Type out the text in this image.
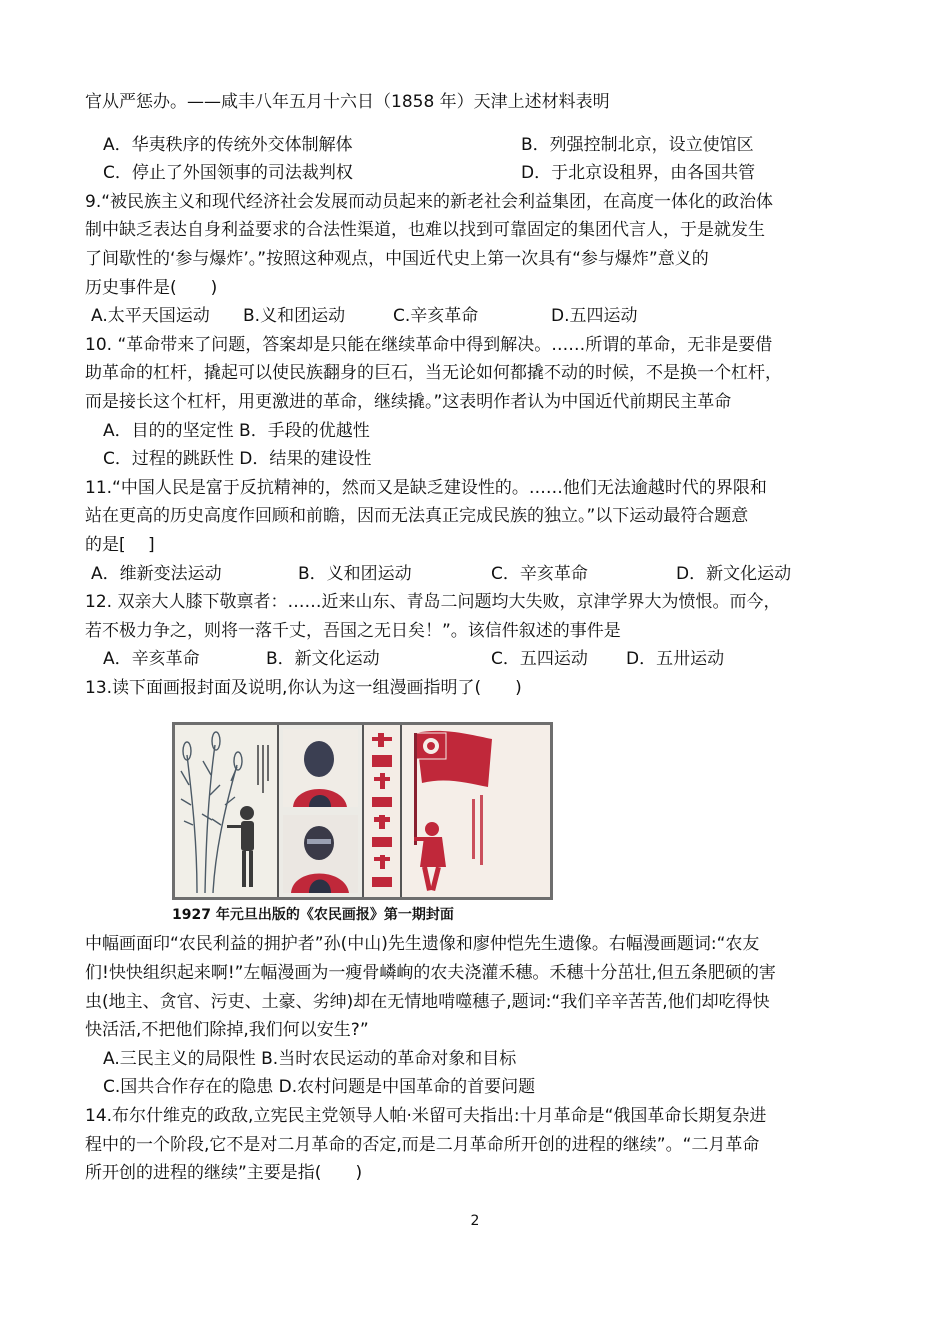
官从严惩办。——咸丰八年五月十六日（1858 年）天津上述材料表明
A．华夷秩序的传统外交体制解体	B．列强控制北京，设立使馆区
C．停止了外国领事的司法裁判权	D．于北京设租界，由各国共管
9.“被民族主义和现代经济社会发展而动员起来的新老社会利益集团，在高度一体化的政治体
制中缺乏表达自身利益要求的合法性渠道，也难以找到可靠固定的集团代言人，于是就发生
了间歇性的‘参与爆炸’。”按照这种观点，中国近代史上第一次具有“参与爆炸”意义的
历史事件是(　　)
A.太平天国运动	B.义和团运动	C.辛亥革命	D.五四运动
10. “革命带来了问题，答案却是只能在继续革命中得到解决。……所谓的革命，无非是要借
助革命的杠杆，撬起可以使民族翻身的巨石，当无论如何都撬不动的时候，不是换一个杠杆，
而是接长这个杠杆，用更激进的革命，继续撬。”这表明作者认为中国近代前期民主革命
A．目的的坚定性 B．手段的优越性
C．过程的跳跃性 D．结果的建设性
11.“中国人民是富于反抗精神的，然而又是缺乏建设性的。……他们无法逾越时代的界限和
站在更高的历史高度作回顾和前瞻，因而无法真正完成民族的独立。”以下运动最符合题意
的是[　 ]
A．维新变法运动	B．义和团运动	C．辛亥革命	D．新文化运动
12. 双亲大人膝下敬禀者：……近来山东、青岛二问题均大失败，京津学界大为愤恨。而今，
若不极力争之，则将一落千丈，吾国之无日矣！”。该信件叙述的事件是
A．辛亥革命	B．新文化运动	C．五四运动	D．五卅运动
13.读下面画报封面及说明,你认为这一组漫画指明了(　　)
1927 年元旦出版的《农民画报》第一期封面
中幅画面印“农民利益的拥护者”孙(中山)先生遗像和廖仲恺先生遗像。右幅漫画题词:“农友
们!快快组织起来啊!”左幅漫画为一瘦骨嶙峋的农夫浇灌禾穗。禾穗十分茁壮,但五条肥硕的害
虫(地主、贪官、污吏、土豪、劣绅)却在无情地啃噬穗子,题词:“我们辛辛苦苦,他们却吃得快
快活活,不把他们除掉,我们何以安生?”
A.三民主义的局限性 B.当时农民运动的革命对象和目标
C.国共合作存在的隐患 D.农村问题是中国革命的首要问题
14.布尔什维克的政敌,立宪民主党领导人帕·米留可夫指出:十月革命是“俄国革命长期复杂进
程中的一个阶段,它不是对二月革命的否定,而是二月革命所开创的进程的继续”。“二月革命
所开创的进程的继续”主要是指(　　)
2
